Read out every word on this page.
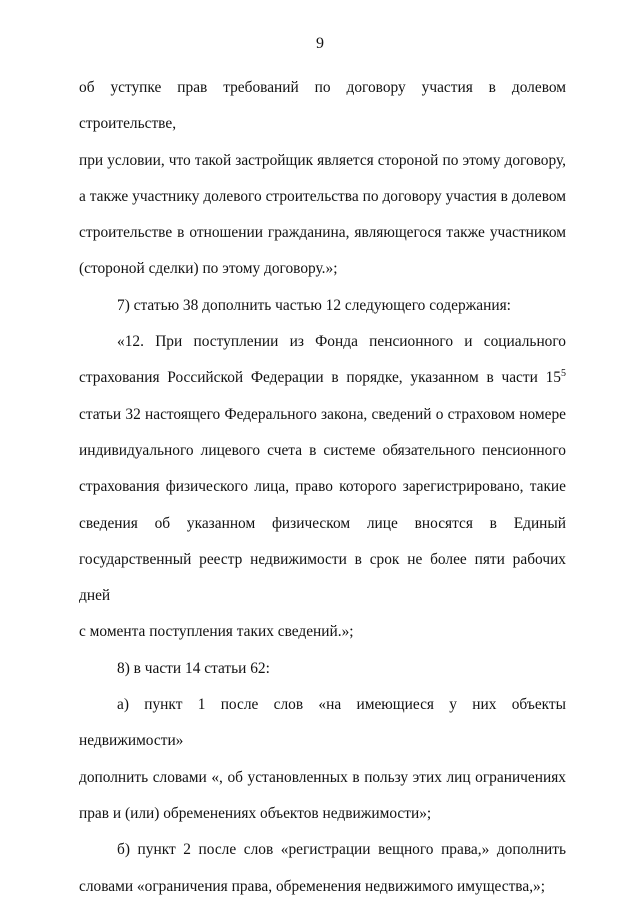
9
об уступке прав требований по договору участия в долевом строительстве,
при условии, что такой застройщик является стороной по этому договору,
а также участнику долевого строительства по договору участия в долевом
строительстве в отношении гражданина, являющегося также участником
(стороной сделки) по этому договору.»;
7) статью 38 дополнить частью 12 следующего содержания:
«12. При поступлении из Фонда пенсионного и социального
страхования Российской Федерации в порядке, указанном в части $15^5$
статьи 32 настоящего Федерального закона, сведений о страховом номере
индивидуального лицевого счета в системе обязательного пенсионного
страхования физического лица, право которого зарегистрировано, такие
сведения об указанном физическом лице вносятся в Единый
государственный реестр недвижимости в срок не более пяти рабочих дней
с момента поступления таких сведений.»;
8) в части 14 статьи 62:
а) пункт 1 после слов «на имеющиеся у них объекты недвижимости»
дополнить словами «, об установленных в пользу этих лиц ограничениях
прав и (или) обременениях объектов недвижимости»;
б) пункт 2 после слов «регистрации вещного права,» дополнить
словами «ограничения права, обременения недвижимого имущества,»;
